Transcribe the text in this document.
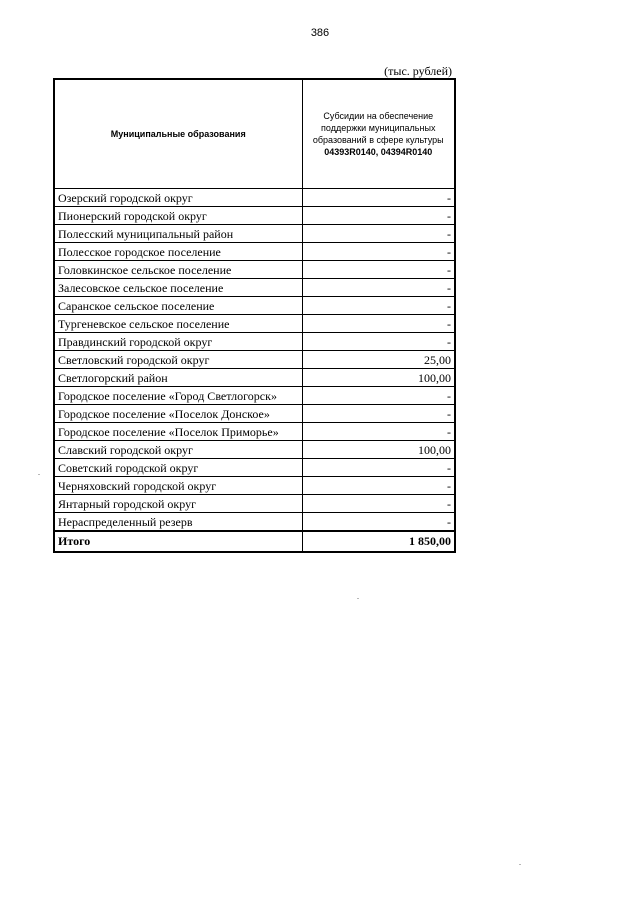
386
(тыс. рублей)
Муниципальные образования	Субсидии на обеспечение поддержки муниципальных образований в сфере культуры
04393R0140, 04394R0140

Озерский городской округ	-
Пионерский городской округ	-
Полесский муниципальный район	-
Полесское городское поселение	-
Головкинское сельское поселение	-
Залесовское сельское поселение	-
Саранское сельское поселение	-
Тургеневское сельское поселение	-
Правдинский городской округ	-
Светловский городской округ	25,00
Светлогорский район	100,00
Городское поселение «Город Светлогорск»	-
Городское поселение «Поселок Донское»	-
Городское поселение «Поселок Приморье»	-
Славский городской округ	100,00
Советский городской округ	-
Черняховский городской округ	-
Янтарный городской округ	-
Нераспределенный резерв	-
Итого	1 850,00
.
.
.
